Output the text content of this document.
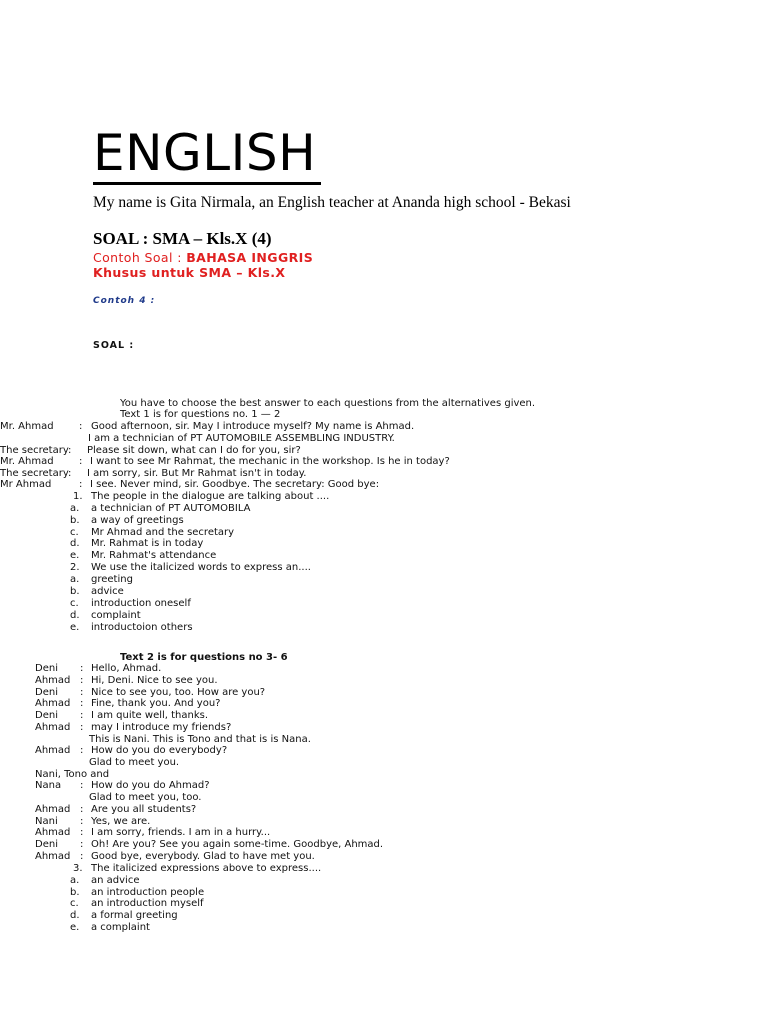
ENGLISH
My name is Gita Nirmala, an English teacher at Ananda high school - Bekasi
SOAL : SMA – Kls.X (4)
Contoh Soal : BAHASA INGGRIS
Khusus untuk SMA – Kls.X
Contoh 4 :
SOAL :
You have to choose the best answer to each questions from the alternatives given.
Text 1 is for questions no. 1 — 2
Mr. Ahmad	: Good afternoon, sir. May I introduce myself? My name is Ahmad.
I am a technician of PT AUTOMOBILE ASSEMBLING INDUSTRY.
The secretary: Please sit down, what can I do for you, sir?
Mr. Ahmad	: I want to see Mr Rahmat, the mechanic in the workshop. Is he in today?
The secretary: I am sorry, sir. But Mr Rahmat isn't in today.
Mr Ahmad	: I see. Never mind, sir. Goodbye. The secretary: Good bye:
1. The people in the dialogue are talking about ....
a. a technician of PT AUTOMOBILA
b. a way of greetings
c. Mr Ahmad and the secretary
d. Mr. Rahmat is in today
e. Mr. Rahmat's attendance
2. We use the italicized words to express an....
a. greeting
b. advice
c. introduction oneself
d. complaint
e. introductoion others
Text 2 is for questions no 3- 6
Deni : Hello, Ahmad.
Ahmad : Hi, Deni. Nice to see you.
Deni : Nice to see you, too. How are you?
Ahmad : Fine, thank you. And you?
Deni : I am quite well, thanks.
Ahmad : may I introduce my friends?
This is Nani. This is Tono and that is is Nana.
Ahmad : How do you do everybody?
Glad to meet you.
Nani, Tono and
Nana : How do you do Ahmad?
Glad to meet you, too.
Ahmad : Are you all students?
Nani : Yes, we are.
Ahmad : I am sorry, friends. I am in a hurry...
Deni : Oh! Are you? See you again some-time. Goodbye, Ahmad.
Ahmad : Good bye, everybody. Glad to have met you.
3. The italicized expressions above to express....
a. an advice
b. an introduction people
c. an introduction myself
d. a formal greeting
e. a complaint
